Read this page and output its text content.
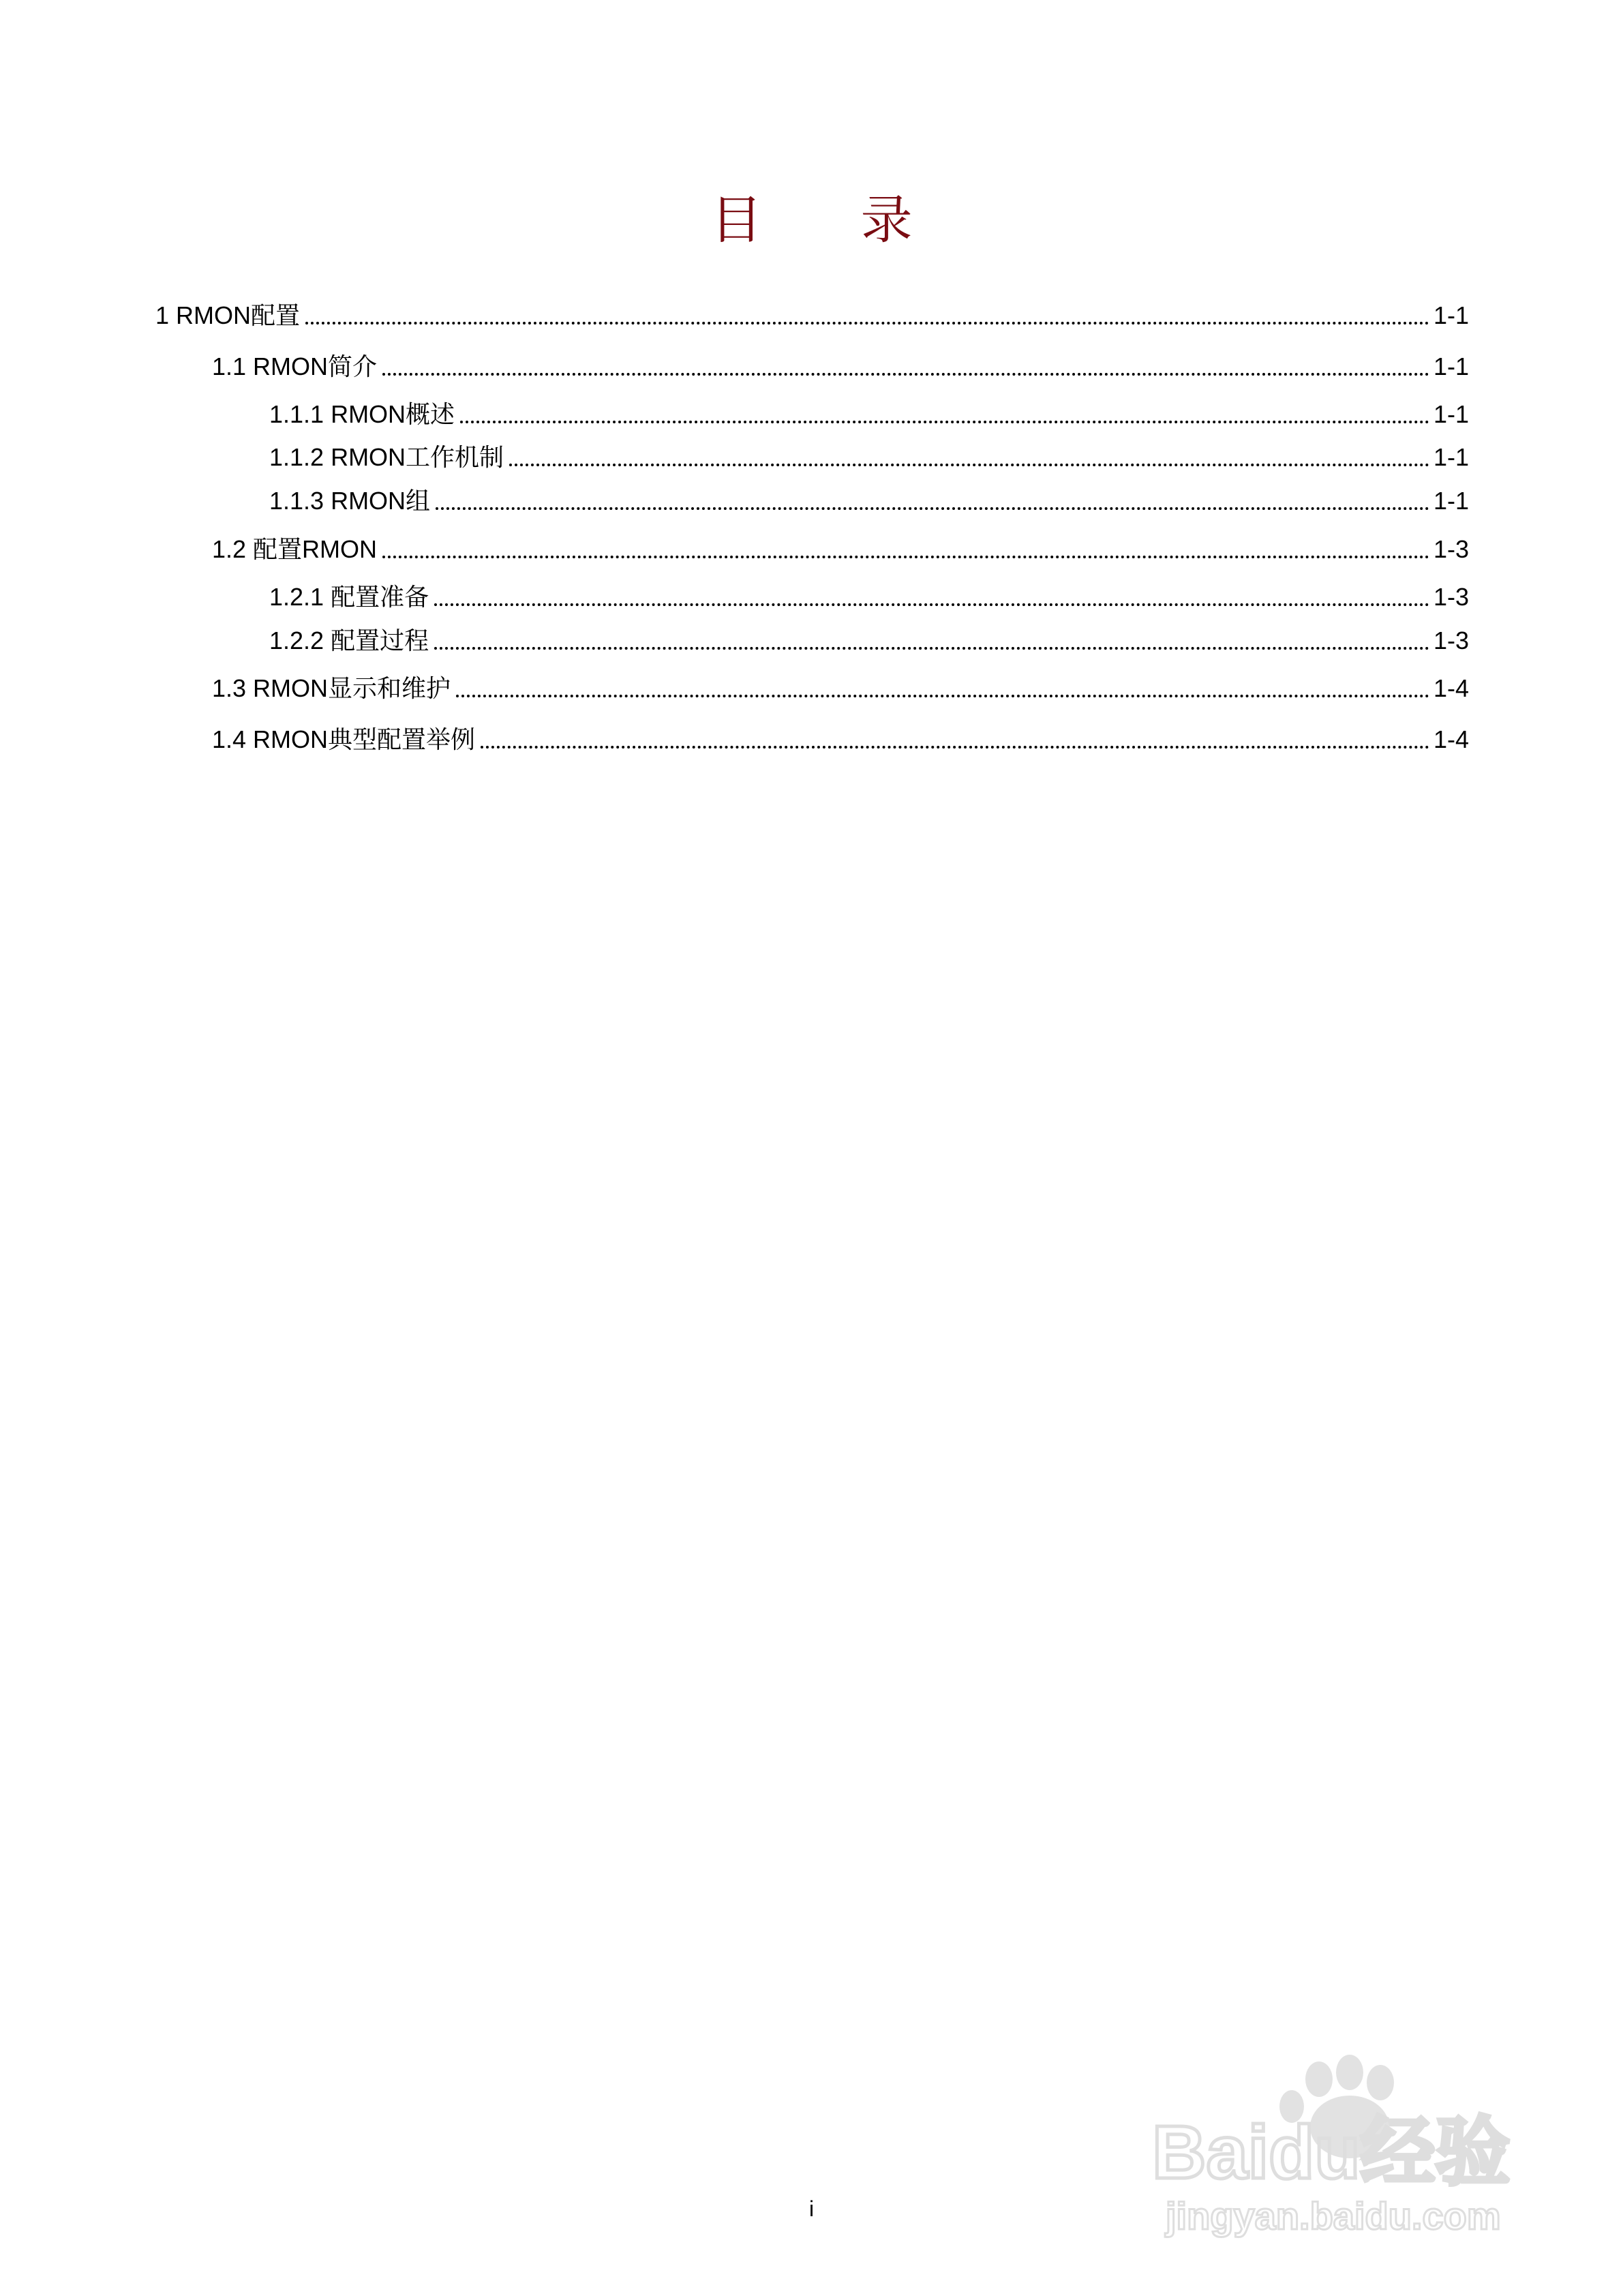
目 录
1 RMON配置	1-1
1.1 RMON简介	1-1
1.1.1 RMON概述	1-1
1.1.2 RMON工作机制	1-1
1.1.3 RMON组	1-1
1.2 配置RMON	1-3
1.2.1 配置准备	1-3
1.2.2 配置过程	1-3
1.3 RMON显示和维护	1-4
1.4 RMON典型配置举例	1-4
i
Baidu经验
jingyan.baidu.com
